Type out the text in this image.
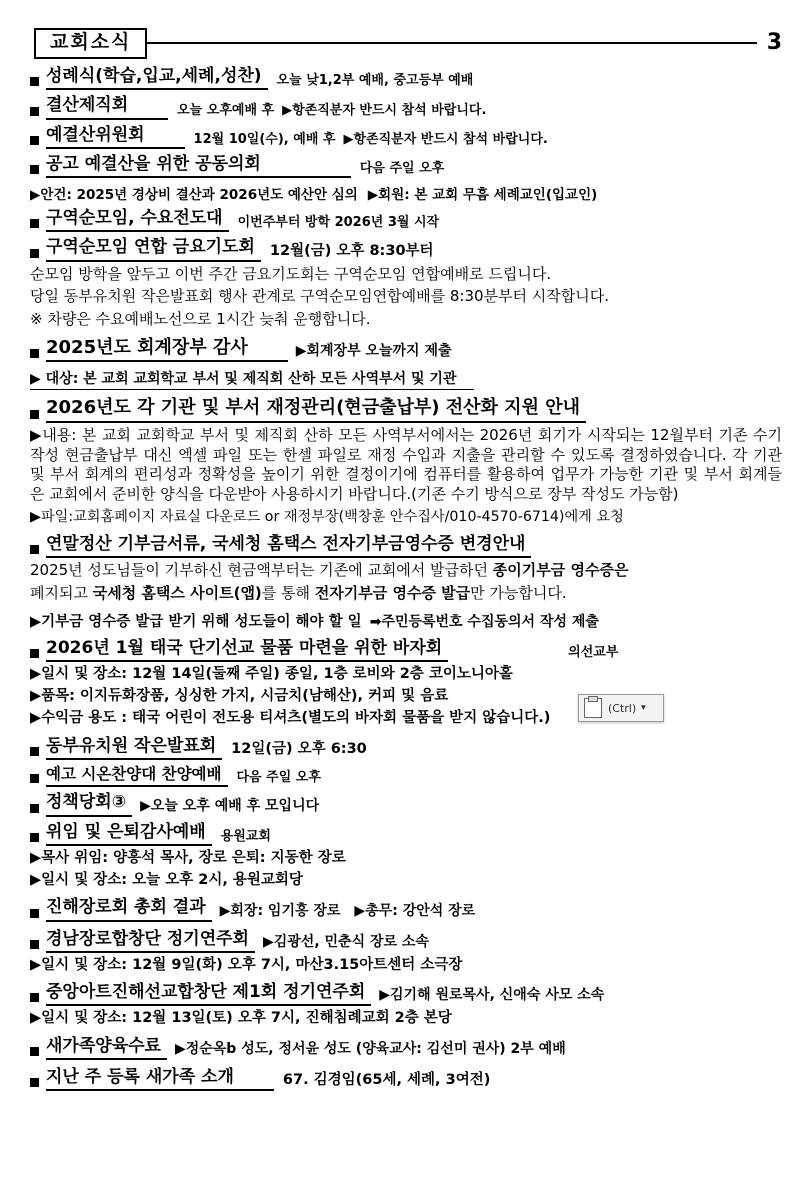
교회소식	3
성례식(학습,입교,세례,성찬)	오늘 낮1,2부 예배, 중고등부 예배
결산제직회	오늘 오후예배 후 ▶항존직분자 반드시 참석 바랍니다.
예결산위원회	12월 10일(수), 예배 후 ▶항존직분자 반드시 참석 바랍니다.
공고 예결산을 위한 공동의회	다음 주일 오후
▶안건: 2025년 경상비 결산과 2026년도 예산안 심의 ▶회원: 본 교회 무흠 세례교인(입교인)
구역순모임, 수요전도대	이번주부터 방학 2026년 3월 시작
구역순모임 연합 금요기도회	12월(금) 오후 8:30부터
순모임 방학을 앞두고 이번 주간 금요기도회는 구역순모임 연합예배로 드립니다.
당일 동부유치원 작은발표회 행사 관계로 구역순모임연합예배를 8:30분부터 시작합니다.
※ 차량은 수요예배노선으로 1시간 늦춰 운행합니다.
2025년도 회계장부 감사	▶회계장부 오늘까지 제출
▶ 대상: 본 교회 교회학교 부서 및 제직회 산하 모든 사역부서 및 기관
2026년도 각 기관 및 부서 재정관리(현금출납부) 전산화 지원 안내
▶내용: 본 교회 교회학교 부서 및 제직회 산하 모든 사역부서에서는 2026년 회기가 시작되는 12월부터 기존 수기작성 현금출납부 대신 엑셀 파일 또는 한셀 파일로 재정 수입과 지출을 관리할 수 있도록 결정하였습니다. 각 기관 및 부서 회계의 편리성과 정확성을 높이기 위한 결정이기에 컴퓨터를 활용하여 업무가 가능한 기관 및 부서 회계들은 교회에서 준비한 양식을 다운받아 사용하시기 바랍니다.(기존 수기 방식으로 장부 작성도 가능함)
▶파일:교회홈페이지 자료실 다운로드 or 재정부장(백창훈 안수집사/010-4570-6714)에게 요청
연말정산 기부금서류, 국세청 홈택스 전자기부금영수증 변경안내
2025년 성도님들이 기부하신 현금액부터는 기존에 교회에서 발급하던 종이기부금 영수증은
폐지되고 국세청 홈택스 사이트(앱)를 통해 전자기부금 영수증 발급만 가능합니다.
▶기부금 영수증 발급 받기 위해 성도들이 해야 할 일 ➡주민등록번호 수집동의서 작성 제출
2026년 1월 태국 단기선교 물품 마련을 위한 바자회	의선교부
▶일시 및 장소: 12월 14일(둘째 주일) 종일, 1층 로비와 2층 코이노니아홀
▶품목: 이지듀화장품, 싱싱한 가지, 시금치(남해산), 커피 및 음료
▶수익금 용도 : 태국 어린이 전도용 티셔츠(별도의 바자회 물품을 받지 않습니다.)
동부유치원 작은발표회	12일(금) 오후 6:30
예고 시온찬양대 찬양예배	다음 주일 오후
정책당회③	▶오늘 오후 예배 후 모입니다
위임 및 은퇴감사예배	용원교회
▶목사 위임: 양흥석 목사, 장로 은퇴: 지동한 장로
▶일시 및 장소: 오늘 오후 2시, 용원교회당
진해장로회 총회 결과	▶회장: 임기홍 장로 ▶총무: 강안석 장로
경남장로합창단 정기연주회	▶김광선, 민춘식 장로 소속
▶일시 및 장소: 12월 9일(화) 오후 7시, 마산3.15아트센터 소극장
중앙아트진해선교합창단 제1회 정기연주회	▶김기해 원로목사, 신애숙 사모 소속
▶일시 및 장소: 12월 13일(토) 오후 7시, 진해침례교회 2층 본당
새가족양육수료	▶정순옥b 성도, 정서윤 성도 (양육교사: 김선미 권사) 2부 예배
지난 주 등록 새가족 소개	67. 김경임(65세, 세례, 3여전)
(Ctrl) ▾
